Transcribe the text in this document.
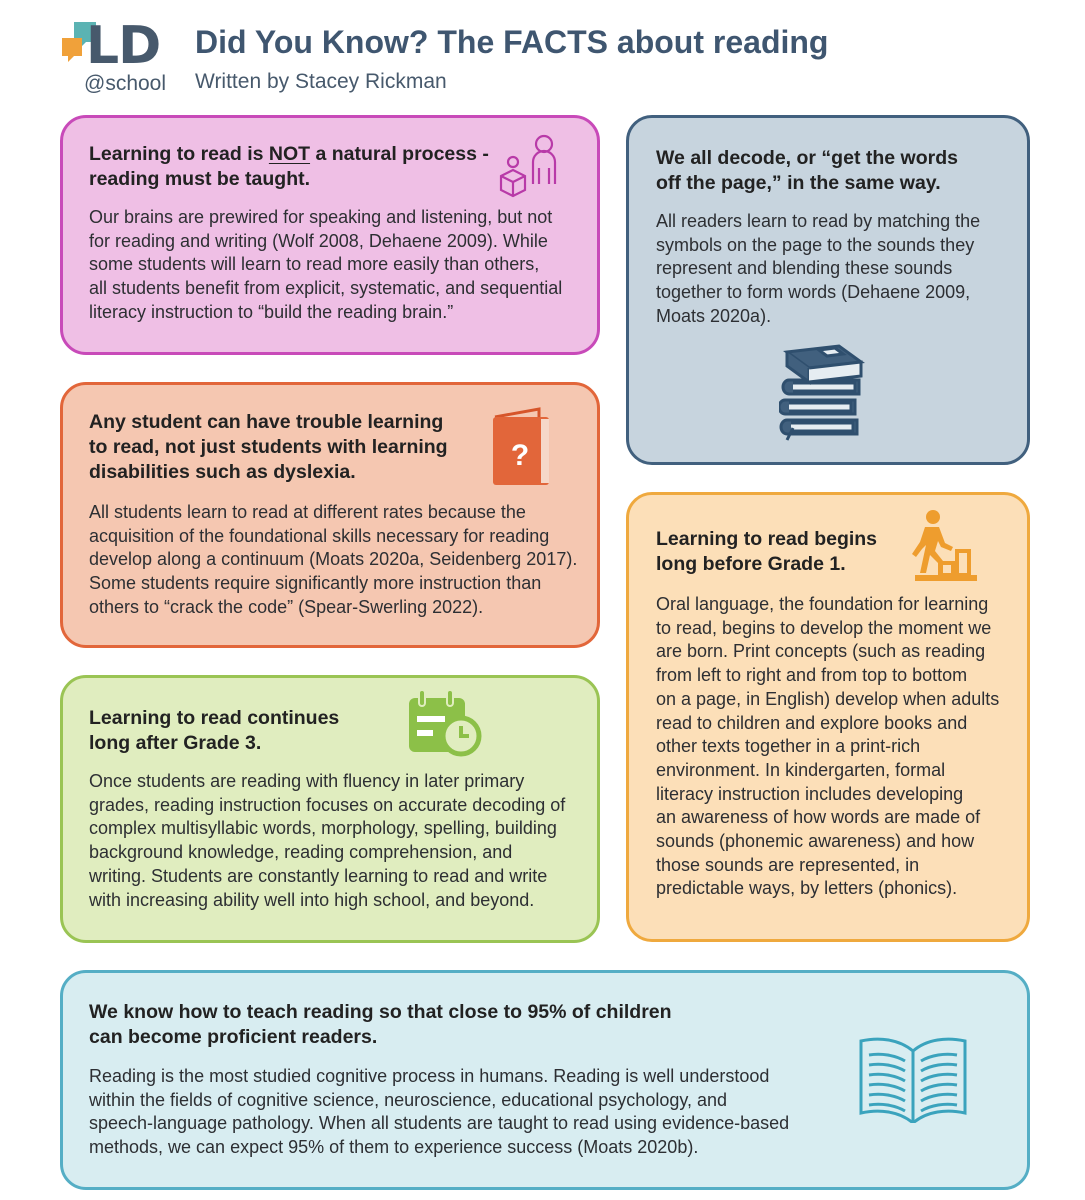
LD
@school
Did You Know? The FACTS about reading
Written by Stacey Rickman
Learning to read is NOT a natural process -
reading must be taught.
Our brains are prewired for speaking and listening, but not
for reading and writing (Wolf 2008, Dehaene 2009). While
some students will learn to read more easily than others,
all students benefit from explicit, systematic, and sequential
literacy instruction to “build the reading brain.”
We all decode, or “get the words
off the page,” in the same way.
All readers learn to read by matching the
symbols on the page to the sounds they
represent and blending these sounds
together to form words (Dehaene 2009,
Moats 2020a).
Any student can have trouble learning
to read, not just students with learning
disabilities such as dyslexia.	?
All students learn to read at different rates because the
acquisition of the foundational skills necessary for reading
develop along a continuum (Moats 2020a, Seidenberg 2017).
Some students require significantly more instruction than
others to “crack the code” (Spear-Swerling 2022).
Learning to read begins
long before Grade 1.
Oral language, the foundation for learning
to read, begins to develop the moment we
are born. Print concepts (such as reading
from left to right and from top to bottom
on a page, in English) develop when adults
read to children and explore books and
other texts together in a print-rich
environment. In kindergarten, formal
literacy instruction includes developing
an awareness of how words are made of
sounds (phonemic awareness) and how
those sounds are represented, in
predictable ways, by letters (phonics).
Learning to read continues
long after Grade 3.
Once students are reading with fluency in later primary
grades, reading instruction focuses on accurate decoding of
complex multisyllabic words, morphology, spelling, building
background knowledge, reading comprehension, and
writing. Students are constantly learning to read and write
with increasing ability well into high school, and beyond.
We know how to teach reading so that close to 95% of children
can become proficient readers.
Reading is the most studied cognitive process in humans. Reading is well understood
within the fields of cognitive science, neuroscience, educational psychology, and
speech-language pathology. When all students are taught to read using evidence-based
methods, we can expect 95% of them to experience success (Moats 2020b).
